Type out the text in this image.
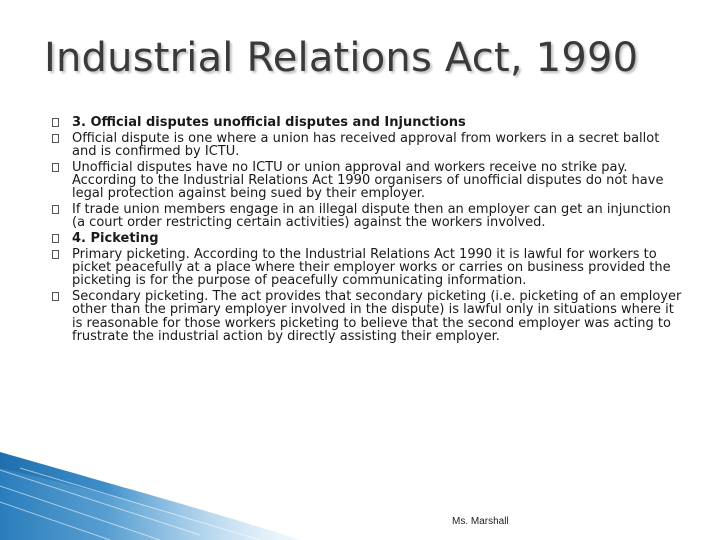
Industrial Relations Act, 1990
3. Official disputes unofficial disputes and Injunctions
Official dispute is one where a union has received approval from workers in a secret ballot and is confirmed by ICTU.
Unofficial disputes have no ICTU or union approval and workers receive no strike pay. According to the Industrial Relations Act 1990 organisers of unofficial disputes do not have legal protection against being sued by their employer.
If trade union members engage in an illegal dispute then an employer can get an injunction (a court order restricting certain activities) against the workers involved.
4. Picketing
Primary picketing. According to the Industrial Relations Act 1990 it is lawful for workers to picket peacefully at a place where their employer works or carries on business provided the picketing is for the purpose of peacefully communicating information.
Secondary picketing. The act provides that secondary picketing (i.e. picketing of an employer other than the primary employer involved in the dispute) is lawful only in situations where it is reasonable for those workers picketing to believe that the second employer was acting to frustrate the industrial action by directly assisting their employer.
Ms. Marshall
